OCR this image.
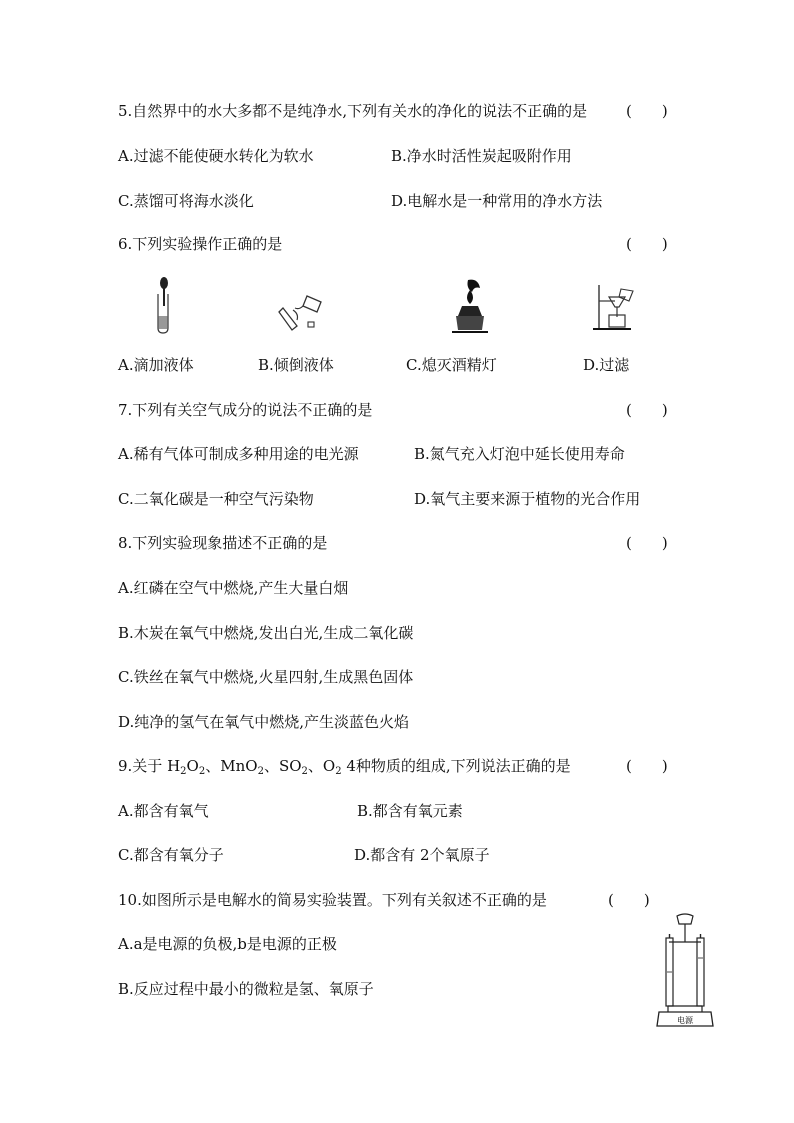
5.自然界中的水大多都不是纯净水,下列有关水的净化的说法不正确的是	(　　)
A.过滤不能使硬水转化为软水	B.净水时活性炭起吸附作用
C.蒸馏可将海水淡化	D.电解水是一种常用的净水方法
6.下列实验操作正确的是	(　　)
A.滴加液体	B.倾倒液体	C.熄灭酒精灯	D.过滤
7.下列有关空气成分的说法不正确的是	(　　)
A.稀有气体可制成多种用途的电光源	B.氮气充入灯泡中延长使用寿命
C.二氧化碳是一种空气污染物	D.氧气主要来源于植物的光合作用
8.下列实验现象描述不正确的是	(　　)
A.红磷在空气中燃烧,产生大量白烟
B.木炭在氧气中燃烧,发出白光,生成二氧化碳
C.铁丝在氧气中燃烧,火星四射,生成黑色固体
D.纯净的氢气在氧气中燃烧,产生淡蓝色火焰
9.关于 $H_2O_2$、MnO$_2$、$SO_2$、$O_2$ 4种物质的组成,下列说法正确的是	(　　)
A.都含有氧气	B.都含有氧元素
C.都含有氧分子	D.都含有 2个氧原子
10.如图所示是电解水的简易实验装置。下列有关叙述不正确的是	(　　)
A.a是电源的负极,b是电源的正极
B.反应过程中最小的微粒是氢、氧原子
电源
